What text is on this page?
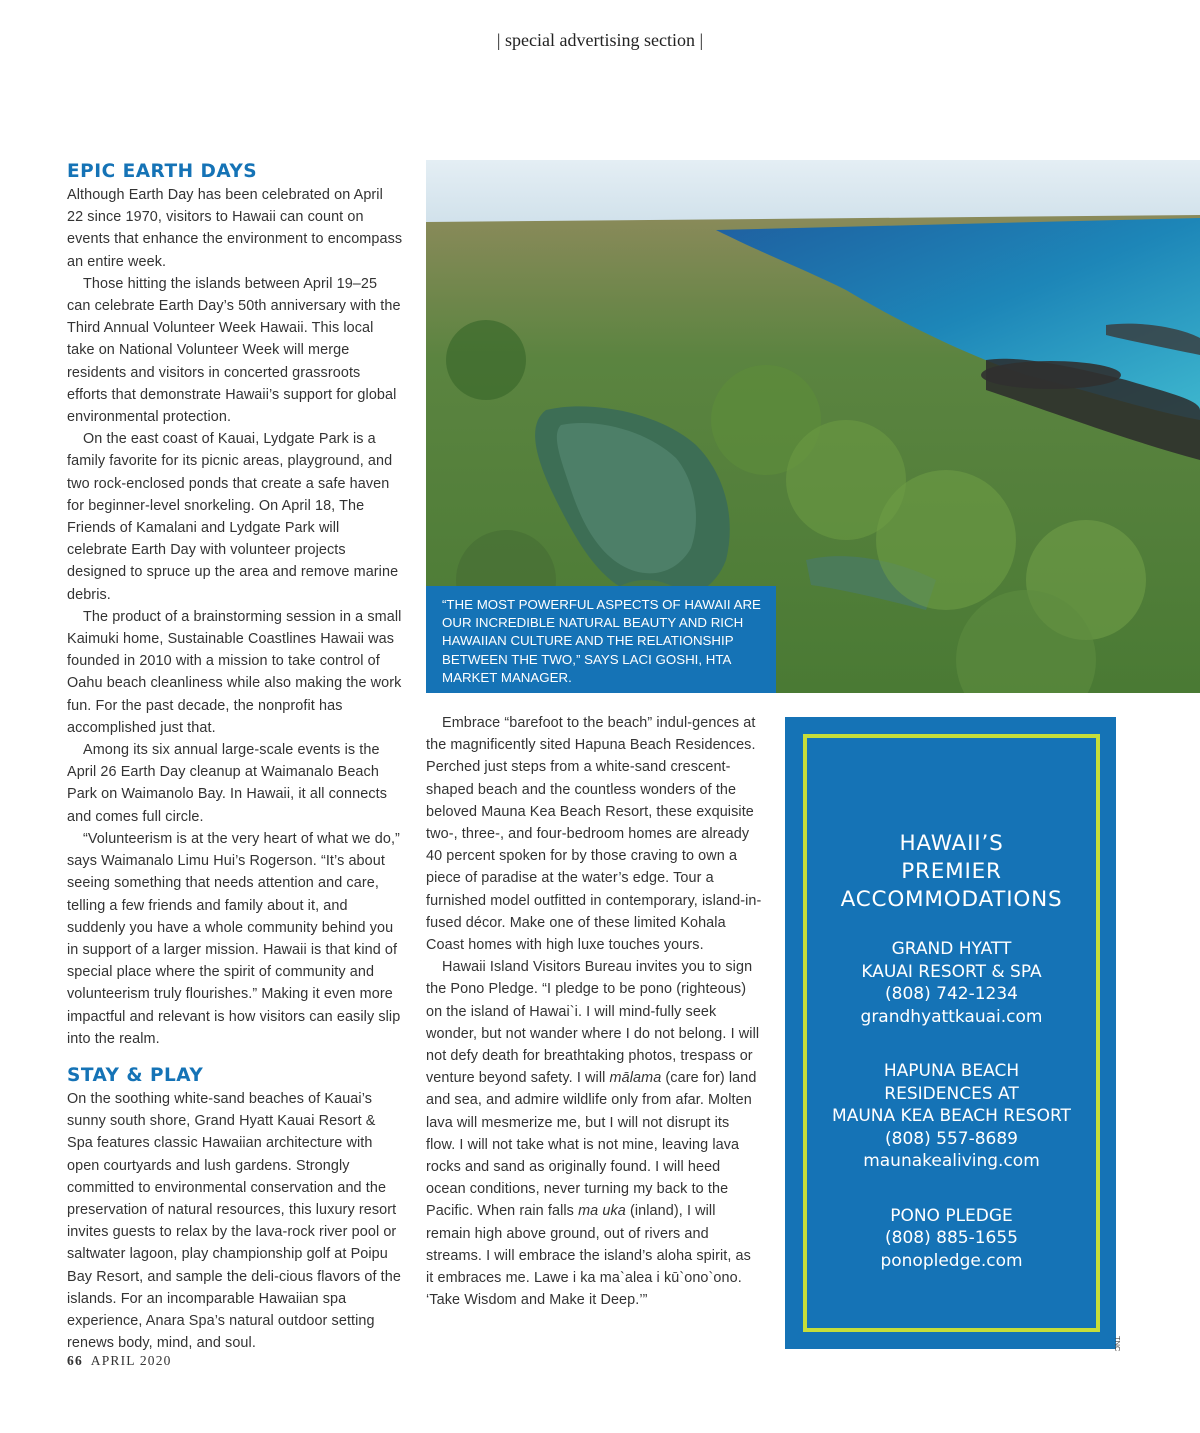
| special advertising section |
EPIC EARTH DAYS

Although Earth Day has been celebrated on April 22 since 1970, visitors to Hawaii can count on events that enhance the environment to encompass an entire week.

Those hitting the islands between April 19–25 can celebrate Earth Day’s 50th anniversary with the Third Annual Volunteer Week Hawaii. This local take on National Volunteer Week will merge residents and visitors in concerted grassroots efforts that demonstrate Hawaii’s support for global environmental protection.

On the east coast of Kauai, Lydgate Park is a family favorite for its picnic areas, playground, and two rock-enclosed ponds that create a safe haven for beginner-level snorkeling. On April 18, The Friends of Kamalani and Lydgate Park will celebrate Earth Day with volunteer projects designed to spruce up the area and remove marine debris.

The product of a brainstorming session in a small Kaimuki home, Sustainable Coastlines Hawaii was founded in 2010 with a mission to take control of Oahu beach cleanliness while also making the work fun. For the past decade, the nonprofit has accomplished just that.

Among its six annual large-scale events is the April 26 Earth Day cleanup at Waimanalo Beach Park on Waimanolo Bay. In Hawaii, it all connects and comes full circle.

“Volunteerism is at the very heart of what we do,” says Waimanalo Limu Hui’s Rogerson. “It’s about seeing something that needs attention and care, telling a few friends and family about it, and suddenly you have a whole community behind you in support of a larger mission. Hawaii is that kind of special place where the spirit of community and volunteerism truly flourishes.” Making it even more impactful and relevant is how visitors can easily slip into the realm.

STAY & PLAY

On the soothing white-sand beaches of Kauai’s sunny south shore, Grand Hyatt Kauai Resort & Spa features classic Hawaiian architecture with open courtyards and lush gardens. Strongly committed to environmental conservation and the preservation of natural resources, this luxury resort invites guests to relax by the lava-rock river pool or saltwater lagoon, play championship golf at Poipu Bay Resort, and sample the deli-cious flavors of the islands. For an incomparable Hawaiian spa experience, Anara Spa’s natural outdoor setting renews body, mind, and soul.

“THE MOST POWERFUL ASPECTS OF HAWAII ARE OUR INCREDIBLE NATURAL BEAUTY AND RICH HAWAIIAN CULTURE AND THE RELATIONSHIP BETWEEN THE TWO,” SAYS LACI GOSHI, HTA MARKET MANAGER.

Embrace “barefoot to the beach” indul-gences at the magnificently sited Hapuna Beach Residences. Perched just steps from a white-sand crescent-shaped beach and the countless wonders of the beloved Mauna Kea Beach Resort, these exquisite two-, three-, and four-bedroom homes are already 40 percent spoken for by those craving to own a piece of paradise at the water’s edge. Tour a furnished model outfitted in contemporary, island-in-fused décor. Make one of these limited Kohala Coast homes with high luxe touches yours.

Hawaii Island Visitors Bureau invites you to sign the Pono Pledge. “I pledge to be pono (righteous) on the island of Hawai`i. I will mind-fully seek wonder, but not wander where I do not belong. I will not defy death for breathtaking photos, trespass or venture beyond safety. I will mālama (care for) land and sea, and admire wildlife only from afar. Molten lava will mesmerize me, but I will not disrupt its flow. I will not take what is not mine, leaving lava rocks and sand as originally found. I will heed ocean conditions, never turning my back to the Pacific. When rain falls ma uka (inland), I will remain high above ground, out of rivers and streams. I will embrace the island’s aloha spirit, as it embraces me. Lawe i ka ma`alea i kū`ono`ono. ‘Take Wisdom and Make it Deep.’”

HAWAII’S
PREMIER
ACCOMMODATIONS
GRAND HYATT
KAUAI RESORT & SPA
(808) 742-1234
grandhyattkauai.com
HAPUNA BEACH
RESIDENCES AT
MAUNA KEA BEACH RESORT
(808) 557-8689
maunakealiving.com
PONO PLEDGE
(808) 885-1655
ponopledge.com
TNC
66 APRIL 2020
